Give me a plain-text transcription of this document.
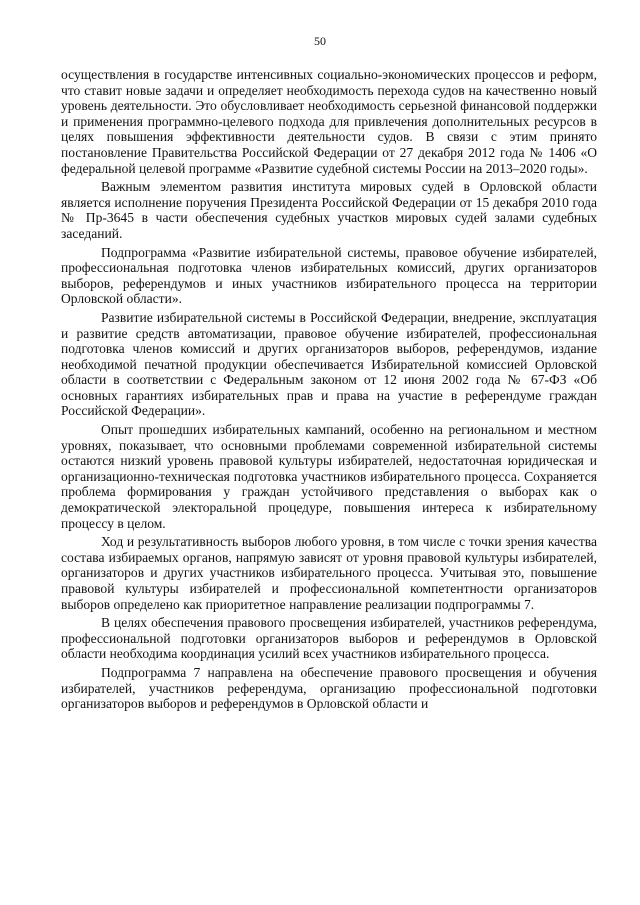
50

осуществления в государстве интенсивных социально-экономических процессов и реформ, что ставит новые задачи и определяет необходимость перехода судов на качественно новый уровень деятельности. Это обусловливает необходимость серьезной финансовой поддержки и применения программно-целевого подхода для привлечения дополнительных ресурсов в целях повышения эффективности деятельности судов. В связи с этим принято постановление Правительства Российской Федерации от 27 декабря 2012 года № 1406 «О федеральной целевой программе «Развитие судебной системы России на 2013–2020 годы».

Важным элементом развития института мировых судей в Орловской области является исполнение поручения Президента Российской Федерации от 15 декабря 2010 года № Пр-3645 в части обеспечения судебных участков мировых судей залами судебных заседаний.

Подпрограмма «Развитие избирательной системы, правовое обучение избирателей, профессиональная подготовка членов избирательных комиссий, других организаторов выборов, референдумов и иных участников избирательного процесса на территории Орловской области».

Развитие избирательной системы в Российской Федерации, внедрение, эксплуатация и развитие средств автоматизации, правовое обучение избирателей, профессиональная подготовка членов комиссий и других организаторов выборов, референдумов, издание необходимой печатной продукции обеспечивается Избирательной комиссией Орловской области в соответствии с Федеральным законом от 12 июня 2002 года № 67-ФЗ «Об основных гарантиях избирательных прав и права на участие в референдуме граждан Российской Федерации».

Опыт прошедших избирательных кампаний, особенно на региональном и местном уровнях, показывает, что основными проблемами современной избирательной системы остаются низкий уровень правовой культуры избирателей, недостаточная юридическая и организационно-техническая подготовка участников избирательного процесса. Сохраняется проблема формирования у граждан устойчивого представления о выборах как о демократической электоральной процедуре, повышения интереса к избирательному процессу в целом.

Ход и результативность выборов любого уровня, в том числе с точки зрения качества состава избираемых органов, напрямую зависят от уровня правовой культуры избирателей, организаторов и других участников избирательного процесса. Учитывая это, повышение правовой культуры избирателей и профессиональной компетентности организаторов выборов определено как приоритетное направление реализации подпрограммы 7.

В целях обеспечения правового просвещения избирателей, участников референдума, профессиональной подготовки организаторов выборов и референдумов в Орловской области необходима координация усилий всех участников избирательного процесса.

Подпрограмма 7 направлена на обеспечение правового просвещения и обучения избирателей, участников референдума, организацию профессиональной подготовки организаторов выборов и референдумов в Орловской области и
